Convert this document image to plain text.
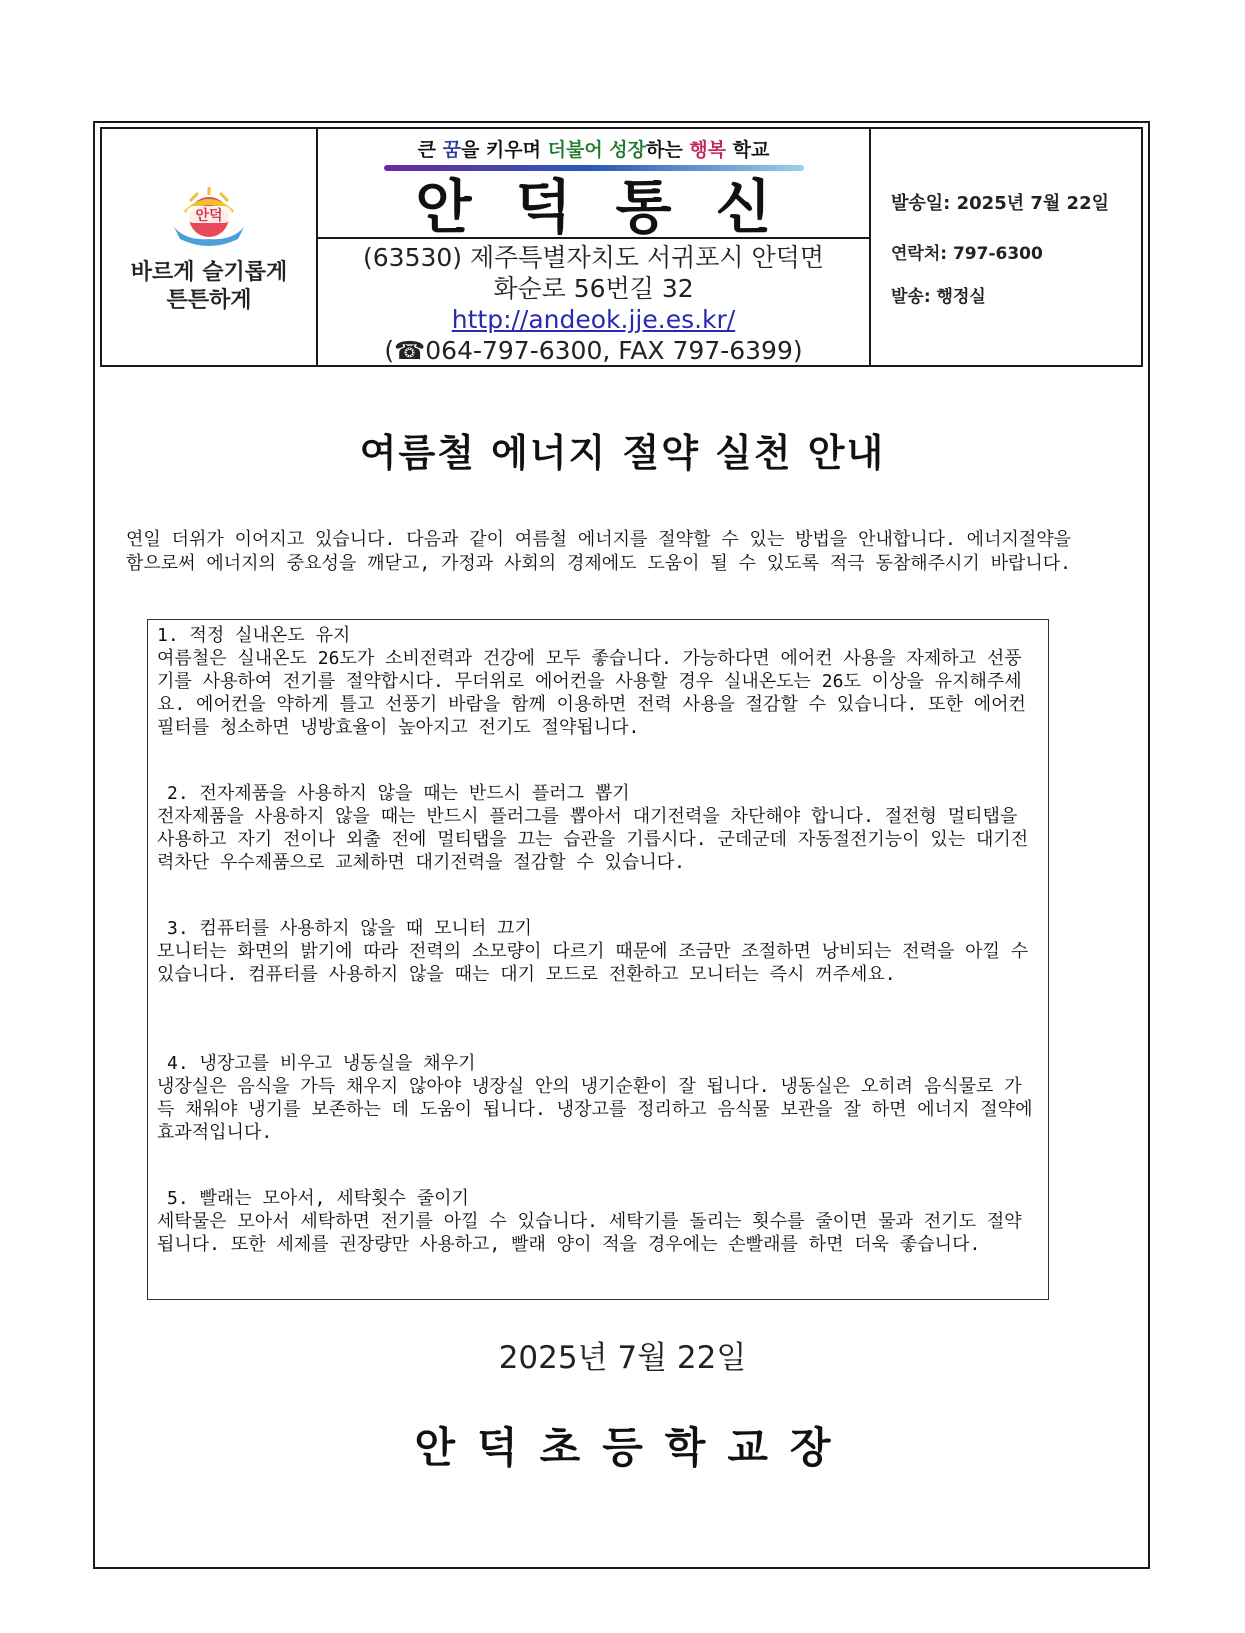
안덕
바르게 슬기롭게
튼튼하게
큰 꿈을 키우며 더불어 성장하는 행복 학교
안덕통신
(63530) 제주특별자치도 서귀포시 안덕면
화순로 56번길 32
http://andeok.jje.es.kr/
(☎064-797-6300, FAX 797-6399)
발송일: 2025년 7월 22일
연락처: 797-6300
발송: 행정실
여름철 에너지 절약 실천 안내
연일 더위가 이어지고 있습니다. 다음과 같이 여름철 에너지를 절약할 수 있는 방법을 안내합니다. 에너지절약을 함으로써 에너지의 중요성을 깨닫고, 가정과 사회의 경제에도 도움이 될 수 있도록 적극 동참해주시기 바랍니다.
1. 적정 실내온도 유지
여름철은 실내온도 26도가 소비전력과 건강에 모두 좋습니다. 가능하다면 에어컨 사용을 자제하고 선풍기를 사용하여 전기를 절약합시다. 무더위로 에어컨을 사용할 경우 실내온도는 26도 이상을 유지해주세요. 에어컨을 약하게 틀고 선풍기 바람을 함께 이용하면 전력 사용을 절감할 수 있습니다. 또한 에어컨 필터를 청소하면 냉방효율이 높아지고 전기도 절약됩니다.
2. 전자제품을 사용하지 않을 때는 반드시 플러그 뽑기
전자제품을 사용하지 않을 때는 반드시 플러그를 뽑아서 대기전력을 차단해야 합니다. 절전형 멀티탭을 사용하고 자기 전이나 외출 전에 멀티탭을 끄는 습관을 기릅시다. 군데군데 자동절전기능이 있는 대기전력차단 우수제품으로 교체하면 대기전력을 절감할 수 있습니다.
3. 컴퓨터를 사용하지 않을 때 모니터 끄기
모니터는 화면의 밝기에 따라 전력의 소모량이 다르기 때문에 조금만 조절하면 낭비되는 전력을 아낄 수 있습니다. 컴퓨터를 사용하지 않을 때는 대기 모드로 전환하고 모니터는 즉시 꺼주세요.
4. 냉장고를 비우고 냉동실을 채우기
냉장실은 음식을 가득 채우지 않아야 냉장실 안의 냉기순환이 잘 됩니다. 냉동실은 오히려 음식물로 가득 채워야 냉기를 보존하는 데 도움이 됩니다. 냉장고를 정리하고 음식물 보관을 잘 하면 에너지 절약에 효과적입니다.
5. 빨래는 모아서, 세탁횟수 줄이기
세탁물은 모아서 세탁하면 전기를 아낄 수 있습니다. 세탁기를 돌리는 횟수를 줄이면 물과 전기도 절약됩니다. 또한 세제를 권장량만 사용하고, 빨래 양이 적을 경우에는 손빨래를 하면 더욱 좋습니다.
2025년 7월 22일
안덕초등학교장
